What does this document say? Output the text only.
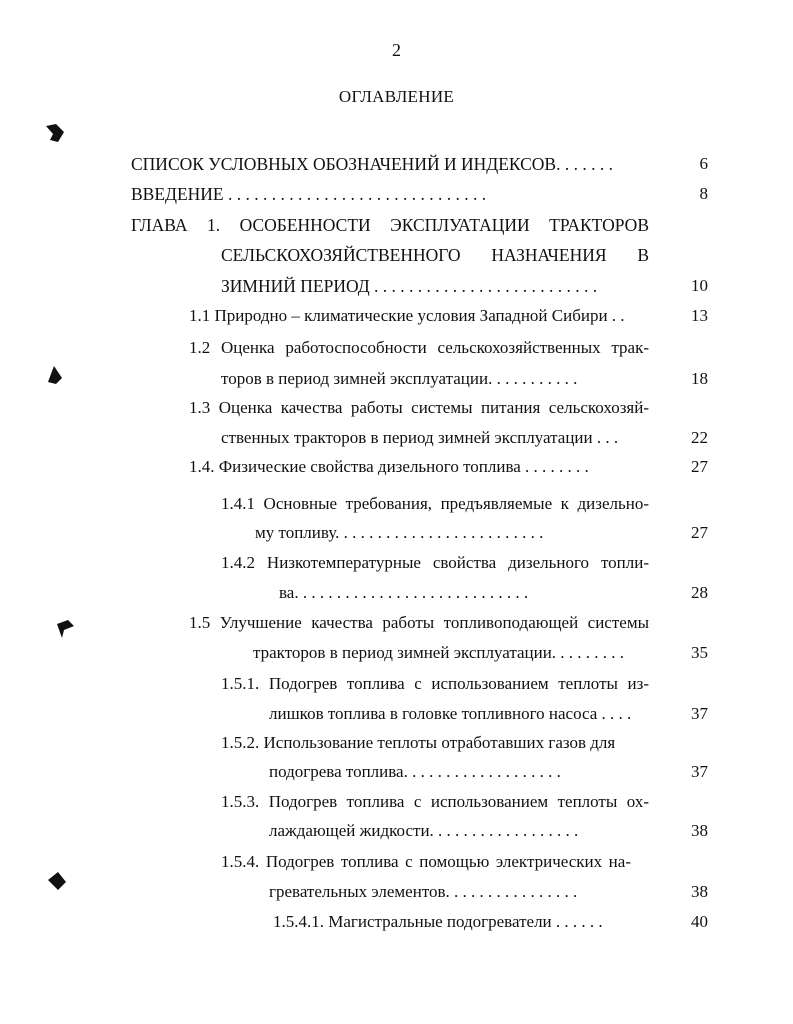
2
ОГЛАВЛЕНИЕ
СПИСОК УСЛОВНЫХ ОБОЗНАЧЕНИЙ И ИНДЕКСОВ. . . . . . .	6
ВВЕДЕНИЕ . . . . . . . . . . . . . . . . . . . . . . . . . . . . . .	8
ГЛАВА 1. ОСОБЕННОСТИ ЭКСПЛУАТАЦИИ ТРАКТОРОВ
СЕЛЬСКОХОЗЯЙСТВЕННОГО НАЗНАЧЕНИЯ В
ЗИМНИЙ ПЕРИОД . . . . . . . . . . . . . . . . . . . . . . . . . .	10
1.1 Природно – климатические условия Западной Сибири . .	13
1.2 Оценка работоспособности сельскохозяйственных трак-
торов в период зимней эксплуатации. . . . . . . . . . .	18
1.3 Оценка качества работы системы питания сельскохозяй-
ственных тракторов в период зимней эксплуатации . . .	22
1.4. Физические свойства дизельного топлива . . . . . . . .	27
1.4.1 Основные требования, предъявляемые к дизельно-
му топливу. . . . . . . . . . . . . . . . . . . . . . . . .	27
1.4.2 Низкотемпературные свойства дизельного топли-
ва. . . . . . . . . . . . . . . . . . . . . . . . . . . .	28
1.5 Улучшение качества работы топливоподающей системы
тракторов в период зимней эксплуатации. . . . . . . . .	35
1.5.1. Подогрев топлива с использованием теплоты из-
лишков топлива в головке топливного насоса . . . .	37
1.5.2. Использование теплоты отработавших газов для
подогрева топлива. . . . . . . . . . . . . . . . . . .	37
1.5.3. Подогрев топлива с использованием теплоты ох-
лаждающей жидкости. . . . . . . . . . . . . . . . . .	38
1.5.4. Подогрев топлива с помощью электрических на-
гревательных элементов. . . . . . . . . . . . . . . .	38
1.5.4.1. Магистральные подогреватели . . . . . .	40
